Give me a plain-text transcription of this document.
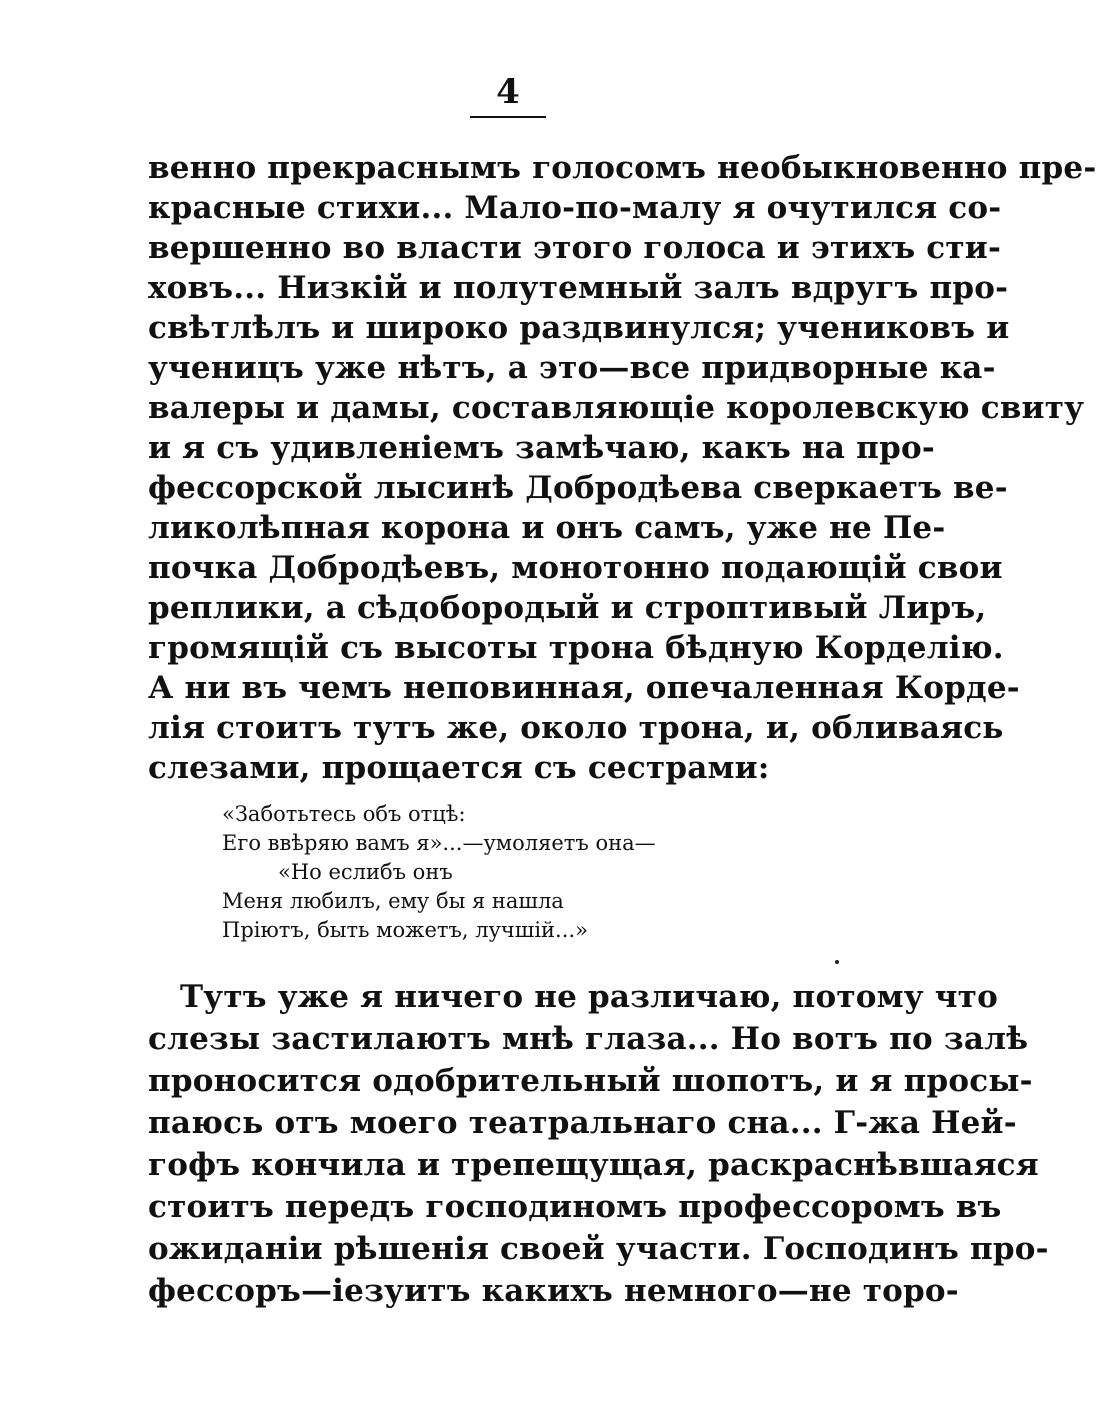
4
венно прекраснымъ голосомъ необыкновенно пре-
красные стихи... Мало-по-малу я очутился со-
вершенно во власти этого голоса и этихъ сти-
ховъ... Низкій и полутемный залъ вдругъ про-
свѣтлѣлъ и широко раздвинулся; учениковъ и
ученицъ уже нѣтъ, а это—все придворные ка-
валеры и дамы, составляющіе королевскую свиту
и я съ удивленіемъ замѣчаю, какъ на про-
фессорской лысинѣ Добродѣева сверкаетъ ве-
ликолѣпная корона и онъ самъ, уже не Пе-
почка Добродѣевъ, монотонно подающій свои
реплики, а сѣдобородый и строптивый Лиръ,
громящій съ высоты трона бѣдную Корделію.
А ни въ чемъ неповинная, опечаленная Корде-
лія стоитъ тутъ же, около трона, и, обливаясь
слезами, прощается съ сестрами:
«Заботьтесь объ отцѣ:
Его ввѣряю вамъ я»...—умоляетъ она—
«Но еслибъ онъ
Меня любилъ, ему бы я нашла
Пріютъ, быть можетъ, лучшій...»
Тутъ уже я ничего не различаю, потому что
слезы застилаютъ мнѣ глаза... Но вотъ по залѣ
проносится одобрительный шопотъ, и я просы-
паюсь отъ моего театральнаго сна... Г-жа Ней-
гофъ кончила и трепещущая, раскраснѣвшаяся
стоитъ передъ господиномъ профессоромъ въ
ожиданіи рѣшенія своей участи. Господинъ про-
фессоръ—іезуитъ какихъ немного—не торо-
